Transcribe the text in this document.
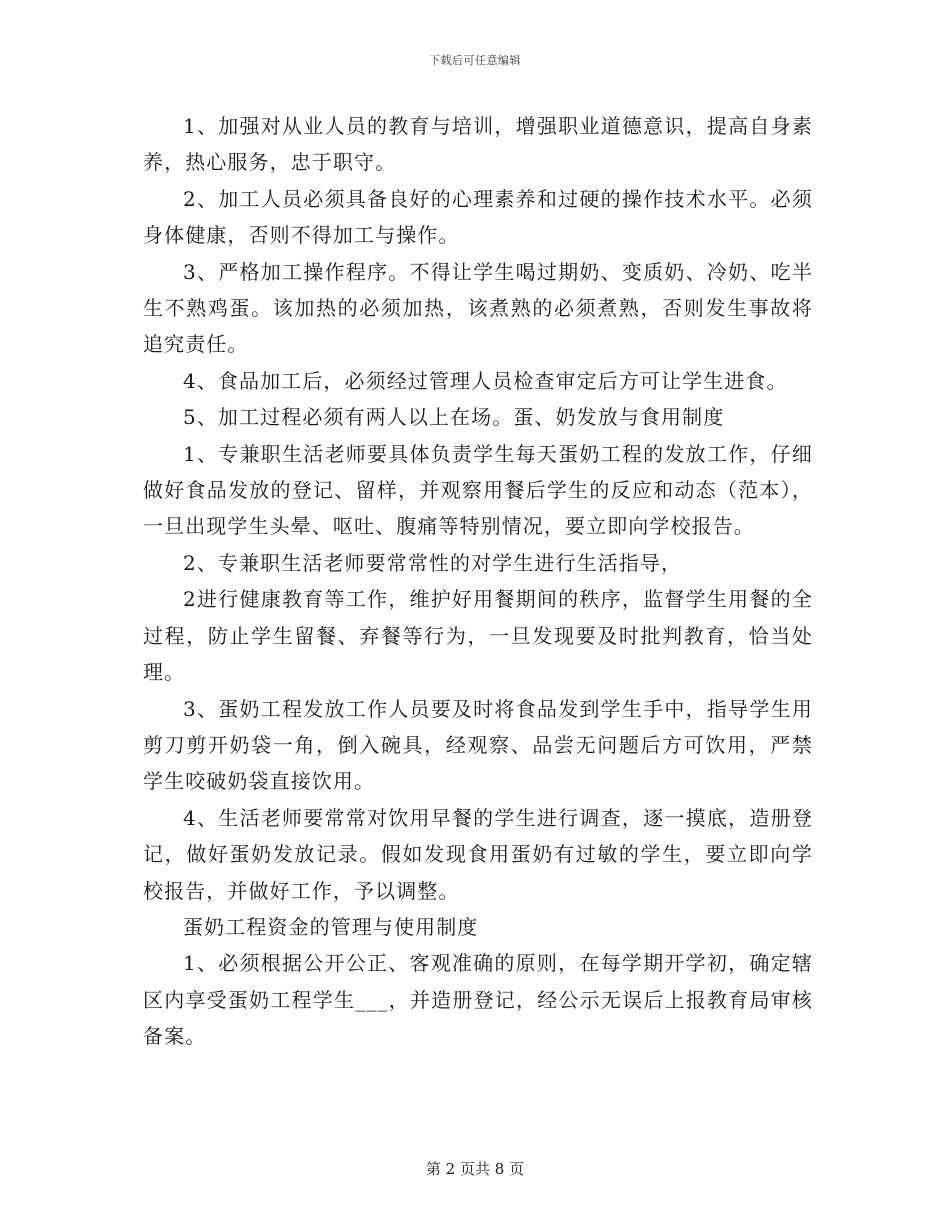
下载后可任意编辑

1、加强对从业人员的教育与培训，增强职业道德意识，提高自身素养，热心服务，忠于职守。

2、加工人员必须具备良好的心理素养和过硬的操作技术水平。必须身体健康，否则不得加工与操作。

3、严格加工操作程序。不得让学生喝过期奶、变质奶、冷奶、吃半生不熟鸡蛋。该加热的必须加热，该煮熟的必须煮熟，否则发生事故将追究责任。

4、食品加工后，必须经过管理人员检查审定后方可让学生进食。

5、加工过程必须有两人以上在场。蛋、奶发放与食用制度

1、专兼职生活老师要具体负责学生每天蛋奶工程的发放工作，仔细做好食品发放的登记、留样，并观察用餐后学生的反应和动态（范本），一旦出现学生头晕、呕吐、腹痛等特别情况，要立即向学校报告。

2、专兼职生活老师要常常性的对学生进行生活指导，

2进行健康教育等工作，维护好用餐期间的秩序，监督学生用餐的全过程，防止学生留餐、弃餐等行为，一旦发现要及时批判教育，恰当处理。

3、蛋奶工程发放工作人员要及时将食品发到学生手中，指导学生用剪刀剪开奶袋一角，倒入碗具，经观察、品尝无问题后方可饮用，严禁学生咬破奶袋直接饮用。

4、生活老师要常常对饮用早餐的学生进行调查，逐一摸底，造册登记，做好蛋奶发放记录。假如发现食用蛋奶有过敏的学生，要立即向学校报告，并做好工作，予以调整。

蛋奶工程资金的管理与使用制度

1、必须根据公开公正、客观准确的原则，在每学期开学初，确定辖区内享受蛋奶工程学生___，并造册登记，经公示无误后上报教育局审核备案。

第 2 页共 8 页
